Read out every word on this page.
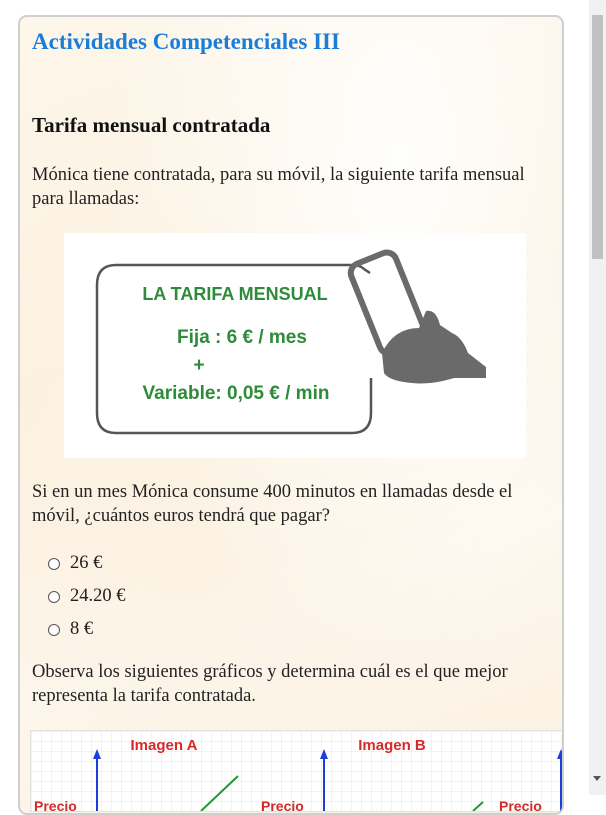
Actividades Competenciales III
Tarifa mensual contratada

Mónica tiene contratada, para su móvil, la siguiente tarifa mensual para llamadas:

LA TARIFA MENSUAL
Fija : 6 € / mes
+
Variable: 0,05 € / min

Si en un mes Mónica consume 400 minutos en llamadas desde el móvil, ¿cuántos euros tendrá que pagar?

26 €
24.20 €
8 €

Observa los siguientes gráficos y determina cuál es el que mejor representa la tarifa contratada.

Imagen A	Imagen B
Precio	Precio	Precio
